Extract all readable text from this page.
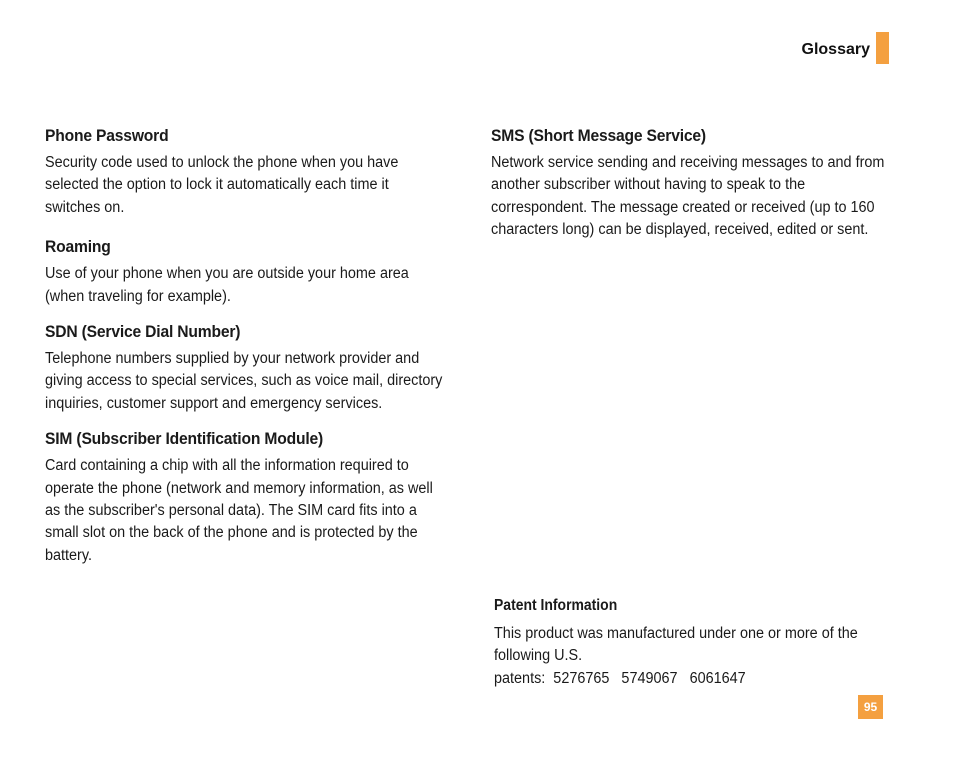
Glossary
Phone Password

Security code used to unlock the phone when you have selected the option to lock it automatically each time it switches on.

Roaming

Use of your phone when you are outside your home area (when traveling for example).

SDN (Service Dial Number)

Telephone numbers supplied by your network provider and giving access to special services, such as voice mail, directory inquiries, customer support and emergency services.

SIM (Subscriber Identification Module)

Card containing a chip with all the information required to operate the phone (network and memory information, as well as the subscriber's personal data). The SIM card fits into a small slot on the back of the phone and is protected by the battery.

SMS (Short Message Service)

Network service sending and receiving messages to and from another subscriber without having to speak to the correspondent. The message created or received (up to 160 characters long) can be displayed, received, edited or sent.

Patent Information

This product was manufactured under one or more of the following U.S.

patents:  5276765   5749067   6061647

95
